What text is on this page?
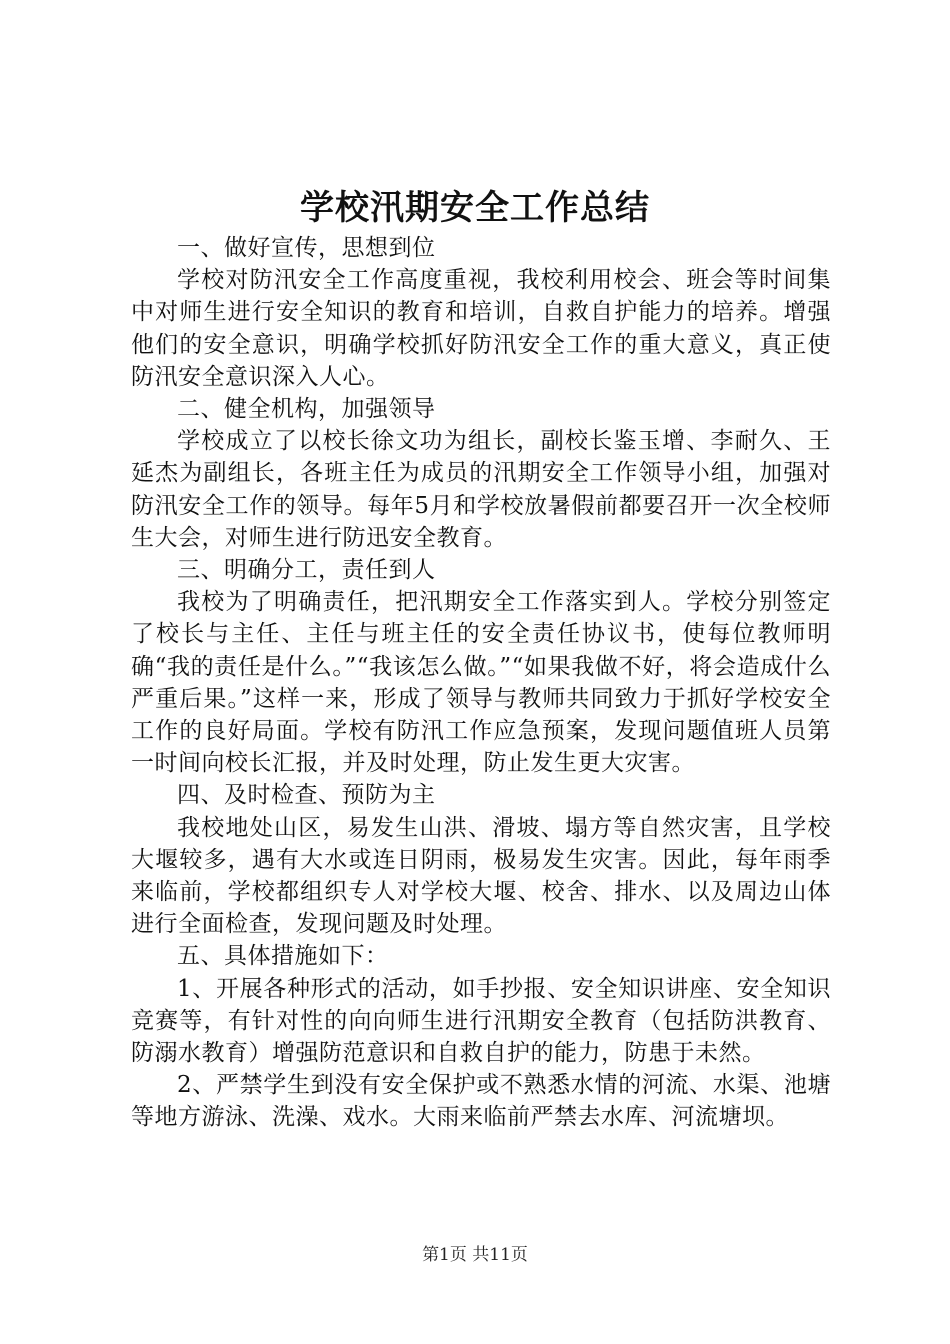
学校汛期安全工作总结

一、做好宣传，思想到位

学校对防汛安全工作高度重视，我校利用校会、班会等时间集中对师生进行安全知识的教育和培训，自救自护能力的培养。增强他们的安全意识，明确学校抓好防汛安全工作的重大意义，真正使防汛安全意识深入人心。

二、健全机构，加强领导

学校成立了以校长徐文功为组长，副校长鉴玉增、李耐久、王延杰为副组长，各班主任为成员的汛期安全工作领导小组，加强对防汛安全工作的领导。每年5月和学校放暑假前都要召开一次全校师生大会，对师生进行防迅安全教育。

三、明确分工，责任到人

我校为了明确责任，把汛期安全工作落实到人。学校分别签定了校长与主任、主任与班主任的安全责任协议书，使每位教师明确“我的责任是什么。”“我该怎么做。”“如果我做不好，将会造成什么严重后果。”这样一来，形成了领导与教师共同致力于抓好学校安全工作的良好局面。学校有防汛工作应急预案，发现问题值班人员第一时间向校长汇报，并及时处理，防止发生更大灾害。

四、及时检查、预防为主

我校地处山区，易发生山洪、滑坡、塌方等自然灾害，且学校大堰较多，遇有大水或连日阴雨，极易发生灾害。因此，每年雨季来临前，学校都组织专人对学校大堰、校舍、排水、以及周边山体进行全面检查，发现问题及时处理。

五、具体措施如下：

1、开展各种形式的活动，如手抄报、安全知识讲座、安全知识竞赛等，有针对性的向向师生进行汛期安全教育（包括防洪教育、防溺水教育）增强防范意识和自救自护的能力，防患于未然。

2、严禁学生到没有安全保护或不熟悉水情的河流、水渠、池塘等地方游泳、洗澡、戏水。大雨来临前严禁去水库、河流塘坝。

第1页 共11页
